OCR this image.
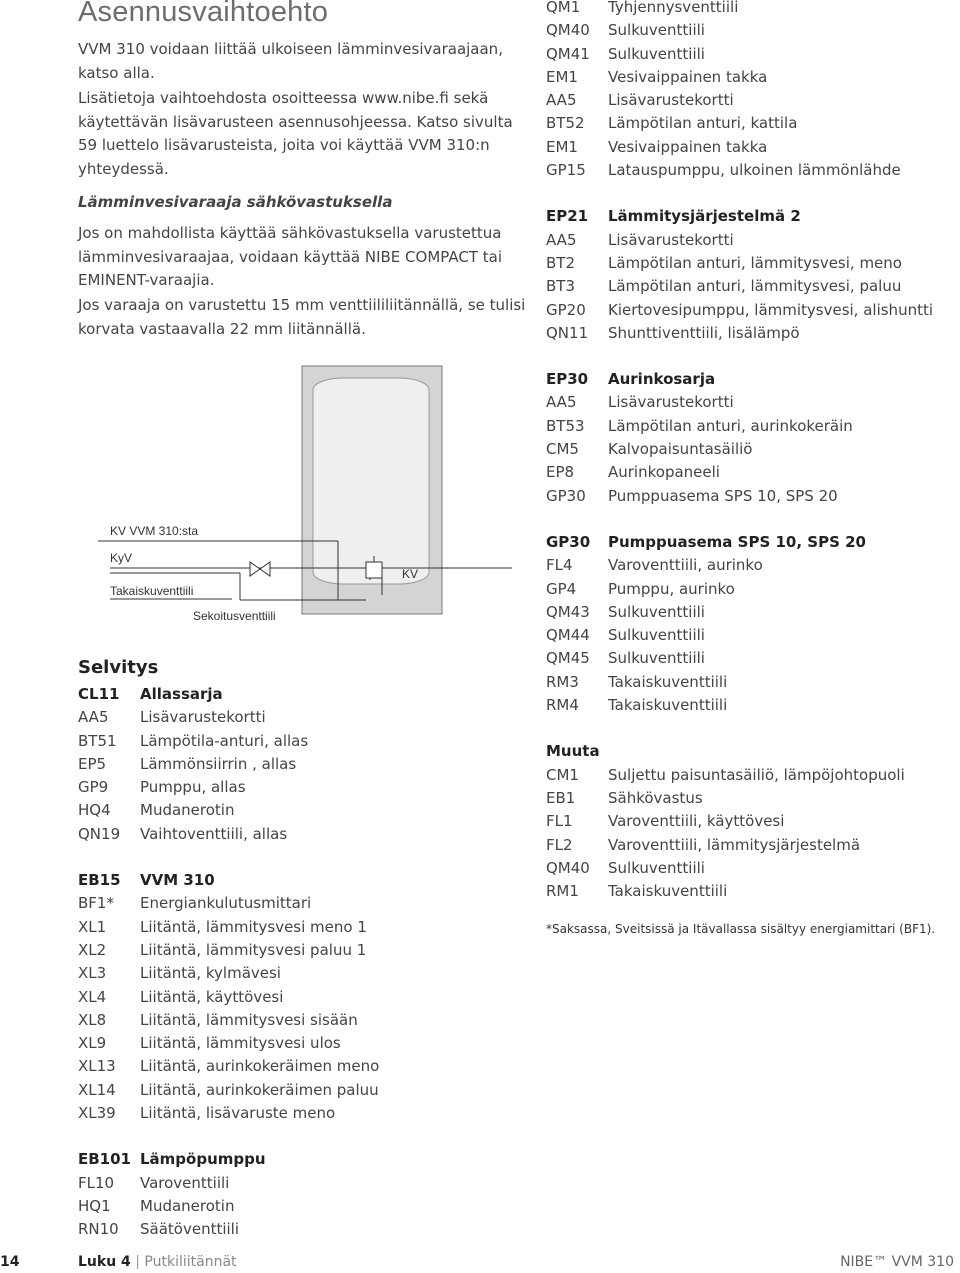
Asennusvaihtoehto
VVM 310 voidaan liittää ulkoiseen lämminvesivaraajaan, katso alla.
Lisätietoja vaihtoehdosta osoitteessa www.nibe.fi sekä käytettävän lisävarusteen asennusohjeessa. Katso sivulta 59 luettelo lisävarusteista, joita voi käyttää VVM 310:n yhteydessä.
Lämminvesivaraaja sähkövastuksella
Jos on mahdollista käyttää sähkövastuksella varustettua lämminvesivaraajaa, voidaan käyttää NIBE COMPACT tai EMINENT-varaajia.
Jos varaaja on varustettu 15 mm venttiililiitännällä, se tulisi korvata vastaavalla 22 mm liitännällä.
KV VVM 310:sta
KyV
Takaiskuventtiili
Sekoitusventtiili
KV
Selvitys
CL11	Allassarja
AA5	Lisävarustekortti
BT51	Lämpötila-anturi, allas
EP5	Lämmönsiirrin , allas
GP9	Pumppu, allas
HQ4	Mudanerotin
QN19	Vaihtoventtiili, allas
EB15	VVM 310
BF1*	Energiankulutusmittari
XL1	Liitäntä, lämmitysvesi meno 1
XL2	Liitäntä, lämmitysvesi paluu 1
XL3	Liitäntä, kylmävesi
XL4	Liitäntä, käyttövesi
XL8	Liitäntä, lämmitysvesi sisään
XL9	Liitäntä, lämmitysvesi ulos
XL13	Liitäntä, aurinkokeräimen meno
XL14	Liitäntä, aurinkokeräimen paluu
XL39	Liitäntä, lisävaruste meno
EB101 Lämpöpumppu
FL10	Varoventtiili
HQ1	Mudanerotin
RN10	Säätöventtiili
QM1	Tyhjennysventtiili
QM40	Sulkuventtiili
QM41	Sulkuventtiili
EM1	Vesivaippainen takka
AA5	Lisävarustekortti
BT52	Lämpötilan anturi, kattila
EM1	Vesivaippainen takka
GP15	Latauspumppu, ulkoinen lämmönlähde
EP21	Lämmitysjärjestelmä 2
AA5	Lisävarustekortti
BT2	Lämpötilan anturi, lämmitysvesi, meno
BT3	Lämpötilan anturi, lämmitysvesi, paluu
GP20	Kiertovesipumppu, lämmitysvesi, alishuntti
QN11	Shunttiventtiili, lisälämpö
EP30	Aurinkosarja
AA5	Lisävarustekortti
BT53	Lämpötilan anturi, aurinkokeräin
CM5	Kalvopaisuntasäiliö
EP8	Aurinkopaneeli
GP30	Pumppuasema SPS 10, SPS 20
GP30	Pumppuasema SPS 10, SPS 20
FL4	Varoventtiili, aurinko
GP4	Pumppu, aurinko
QM43	Sulkuventtiili
QM44	Sulkuventtiili
QM45	Sulkuventtiili
RM3	Takaiskuventtiili
RM4	Takaiskuventtiili
Muuta
CM1	Suljettu paisuntasäiliö, lämpöjohtopuoli
EB1	Sähkövastus
FL1	Varoventtiili, käyttövesi
FL2	Varoventtiili, lämmitysjärjestelmä
QM40	Sulkuventtiili
RM1	Takaiskuventtiili
*Saksassa, Sveitsissä ja Itävallassa sisältyy energiamittari (BF1).
14	Luku 4 | Putkiliitännät	NIBE™ VVM 310
